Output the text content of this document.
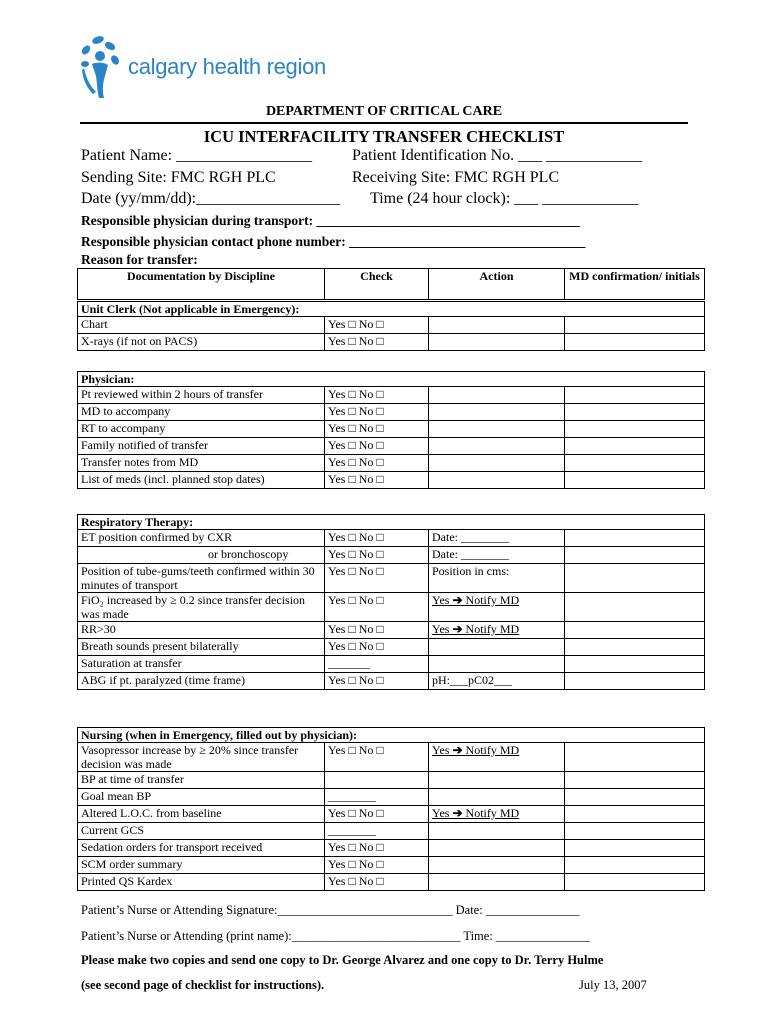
calgary health region
DEPARTMENT OF CRITICAL CARE
ICU INTERFACILITY TRANSFER CHECKLIST
Patient Name: _________________ Patient Identification No. ___ ____________
Sending Site: FMC RGH PLC	Receiving Site: FMC RGH PLC
Date (yy/mm/dd):__________________ Time (24 hour clock): ___ ____________
Responsible physician during transport: _______________________________________
Responsible physician contact phone number: ___________________________________
Reason for transfer:
Documentation by Discipline	Check	Action	MD confirmation/ initials
Unit Clerk (Not applicable in Emergency):			
Chart	Yes □ No □		
X-rays (if not on PACS)	Yes □ No □		
Physician:			
Pt reviewed within 2 hours of transfer	Yes □ No □		
MD to accompany	Yes □ No □		
RT to accompany	Yes □ No □		
Family notified of transfer	Yes □ No □		
Transfer notes from MD	Yes □ No □		
List of meds (incl. planned stop dates)	Yes □ No □		
Respiratory Therapy:			
ET position confirmed by CXR	Yes □ No □	Date: ________	
or bronchoscopy	Yes □ No □	Date: ________	
Position of tube-gums/teeth confirmed within 30 minutes of transport	Yes □ No □	Position in cms:	
FiO₂ increased by ≥ 0.2 since transfer decision was made	Yes □ No □	Yes ➔ Notify MD	
RR>30	Yes □ No □	Yes ➔ Notify MD	
Breath sounds present bilaterally	Yes □ No □		
Saturation at transfer	_______		
ABG if pt. paralyzed (time frame)	Yes □ No □	pH:___pC02___	
Nursing (when in Emergency, filled out by physician):			
Vasopressor increase by ≥ 20% since transfer decision was made	Yes □ No □	Yes ➔ Notify MD	
BP at time of transfer			
Goal mean BP	________		
Altered L.O.C. from baseline	Yes □ No □	Yes ➔ Notify MD	
Current GCS	________		
Sedation orders for transport received	Yes □ No □		
SCM order summary	Yes □ No □		
Printed QS Kardex	Yes □ No □		
Patient’s Nurse or Attending Signature:____________________________ Date: _______________
Patient’s Nurse or Attending (print name):___________________________ Time: _______________
Please make two copies and send one copy to Dr. George Alvarez and one copy to Dr. Terry Hulme
(see second page of checklist for instructions).	July 13, 2007
